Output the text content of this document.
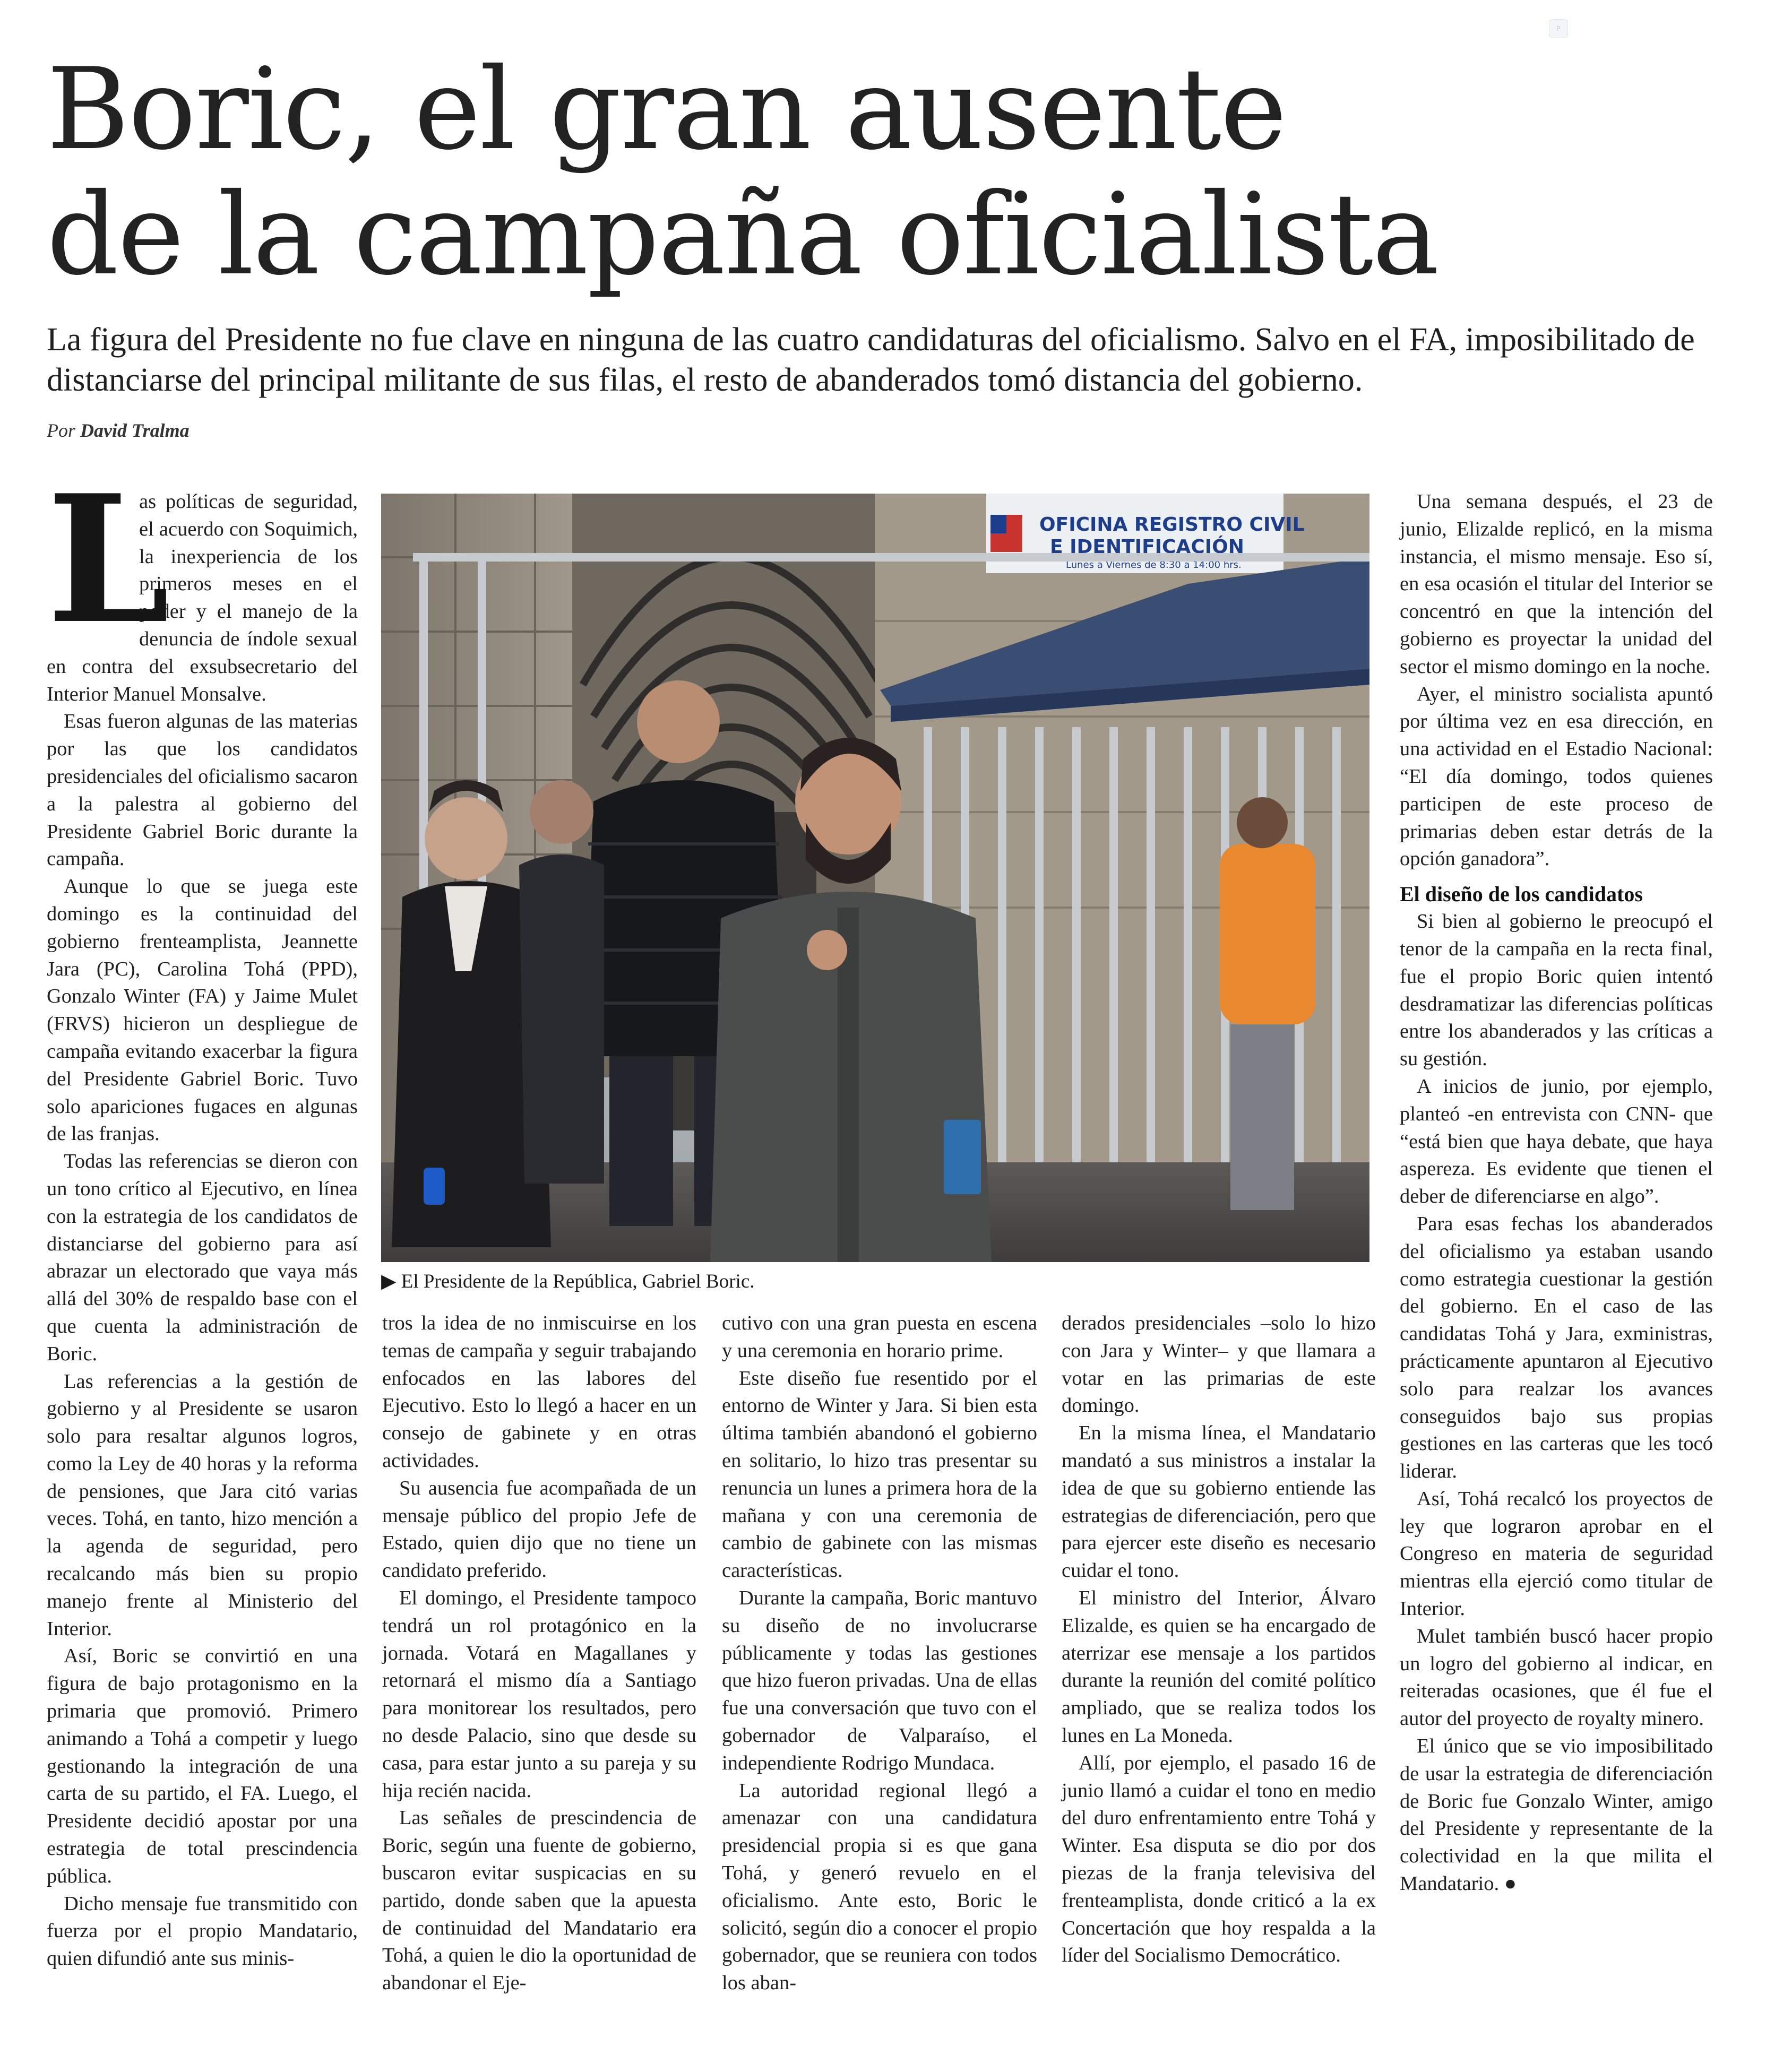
P
Boric, el gran ausente
de la campaña oficialista

La figura del Presidente no fue clave en ninguna de las cuatro candidaturas del oficialismo. Salvo en el FA, imposibilitado de distanciarse del principal militante de sus filas, el resto de abanderados tomó distancia del gobierno.

Por David Tralma
L

as políticas de seguridad, el acuerdo con Soquimich, la inexperiencia de los primeros meses en el poder y el manejo de la denuncia de índole sexual en contra del exsubsecretario del Interior Manuel Monsalve.

Esas fueron algunas de las materias por las que los candidatos presidenciales del oficialismo sacaron a la palestra al gobierno del Presidente Gabriel Boric durante la campaña.

Aunque lo que se juega este domingo es la continuidad del gobierno frenteamplista, Jeannette Jara (PC), Carolina Tohá (PPD), Gonzalo Winter (FA) y Jaime Mulet (FRVS) hicieron un despliegue de campaña evitando exacerbar la figura del Presidente Gabriel Boric. Tuvo solo apariciones fugaces en algunas de las franjas.

Todas las referencias se dieron con un tono crítico al Ejecutivo, en línea con la estrategia de los candidatos de distanciarse del gobierno para así abrazar un electorado que vaya más allá del 30% de respaldo base con el que cuenta la administración de Boric.

Las referencias a la gestión de gobierno y al Presidente se usaron solo para resaltar algunos logros, como la Ley de 40 horas y la reforma de pensiones, que Jara citó varias veces. Tohá, en tanto, hizo mención a la agenda de seguridad, pero recalcando más bien su propio manejo frente al Ministerio del Interior.

Así, Boric se convirtió en una figura de bajo protagonismo en la primaria que promovió. Primero animando a Tohá a competir y luego gestionando la integración de una carta de su partido, el FA. Luego, el Presidente decidió apostar por una estrategia de total prescindencia pública.

Dicho mensaje fue transmitido con fuerza por el propio Mandatario, quien difundió ante sus minis-

OFICINA REGISTRO CIVIL
E IDENTIFICACIÓN
Lunes a Viernes de 8:30 a 14:00 hrs.
▶ El Presidente de la República, Gabriel Boric.

tros la idea de no inmiscuirse en los temas de campaña y seguir trabajando enfocados en las labores del Ejecutivo. Esto lo llegó a hacer en un consejo de gabinete y en otras actividades.

Su ausencia fue acompañada de un mensaje público del propio Jefe de Estado, quien dijo que no tiene un candidato preferido.

El domingo, el Presidente tampoco tendrá un rol protagónico en la jornada. Votará en Magallanes y retornará el mismo día a Santiago para monitorear los resultados, pero no desde Palacio, sino que desde su casa, para estar junto a su pareja y su hija recién nacida.

Las señales de prescindencia de Boric, según una fuente de gobierno, buscaron evitar suspicacias en su partido, donde saben que la apuesta de continuidad del Mandatario era Tohá, a quien le dio la oportunidad de abandonar el Eje-

cutivo con una gran puesta en escena y una ceremonia en horario prime.

Este diseño fue resentido por el entorno de Winter y Jara. Si bien esta última también abandonó el gobierno en solitario, lo hizo tras presentar su renuncia un lunes a primera hora de la mañana y con una ceremonia de cambio de gabinete con las mismas características.

Durante la campaña, Boric mantuvo su diseño de no involucrarse públicamente y todas las gestiones que hizo fueron privadas. Una de ellas fue una conversación que tuvo con el gobernador de Valparaíso, el independiente Rodrigo Mundaca.

La autoridad regional llegó a amenazar con una candidatura presidencial propia si es que gana Tohá, y generó revuelo en el oficialismo. Ante esto, Boric le solicitó, según dio a conocer el propio gobernador, que se reuniera con todos los aban-

derados presidenciales –solo lo hizo con Jara y Winter– y que llamara a votar en las primarias de este domingo.

En la misma línea, el Mandatario mandató a sus ministros a instalar la idea de que su gobierno entiende las estrategias de diferenciación, pero que para ejercer este diseño es necesario cuidar el tono.

El ministro del Interior, Álvaro Elizalde, es quien se ha encargado de aterrizar ese mensaje a los partidos durante la reunión del comité político ampliado, que se realiza todos los lunes en La Moneda.

Allí, por ejemplo, el pasado 16 de junio llamó a cuidar el tono en medio del duro enfrentamiento entre Tohá y Winter. Esa disputa se dio por dos piezas de la franja televisiva del frenteamplista, donde criticó a la ex Concertación que hoy respalda a la líder del Socialismo Democrático.

Una semana después, el 23 de junio, Elizalde replicó, en la misma instancia, el mismo mensaje. Eso sí, en esa ocasión el titular del Interior se concentró en que la intención del gobierno es proyectar la unidad del sector el mismo domingo en la noche.

Ayer, el ministro socialista apuntó por última vez en esa dirección, en una actividad en el Estadio Nacional: “El día domingo, todos quienes participen de este proceso de primarias deben estar detrás de la opción ganadora”.

El diseño de los candidatos

Si bien al gobierno le preocupó el tenor de la campaña en la recta final, fue el propio Boric quien intentó desdramatizar las diferencias políticas entre los abanderados y las críticas a su gestión.

A inicios de junio, por ejemplo, planteó -en entrevista con CNN- que “está bien que haya debate, que haya aspereza. Es evidente que tienen el deber de diferenciarse en algo”.

Para esas fechas los abanderados del oficialismo ya estaban usando como estrategia cuestionar la gestión del gobierno. En el caso de las candidatas Tohá y Jara, exministras, prácticamente apuntaron al Ejecutivo solo para realzar los avances conseguidos bajo sus propias gestiones en las carteras que les tocó liderar.

Así, Tohá recalcó los proyectos de ley que lograron aprobar en el Congreso en materia de seguridad mientras ella ejerció como titular de Interior.

Mulet también buscó hacer propio un logro del gobierno al indicar, en reiteradas ocasiones, que él fue el autor del proyecto de royalty minero.

El único que se vio imposibilitado de usar la estrategia de diferenciación de Boric fue Gonzalo Winter, amigo del Presidente y representante de la colectividad en la que milita el Mandatario. ●
